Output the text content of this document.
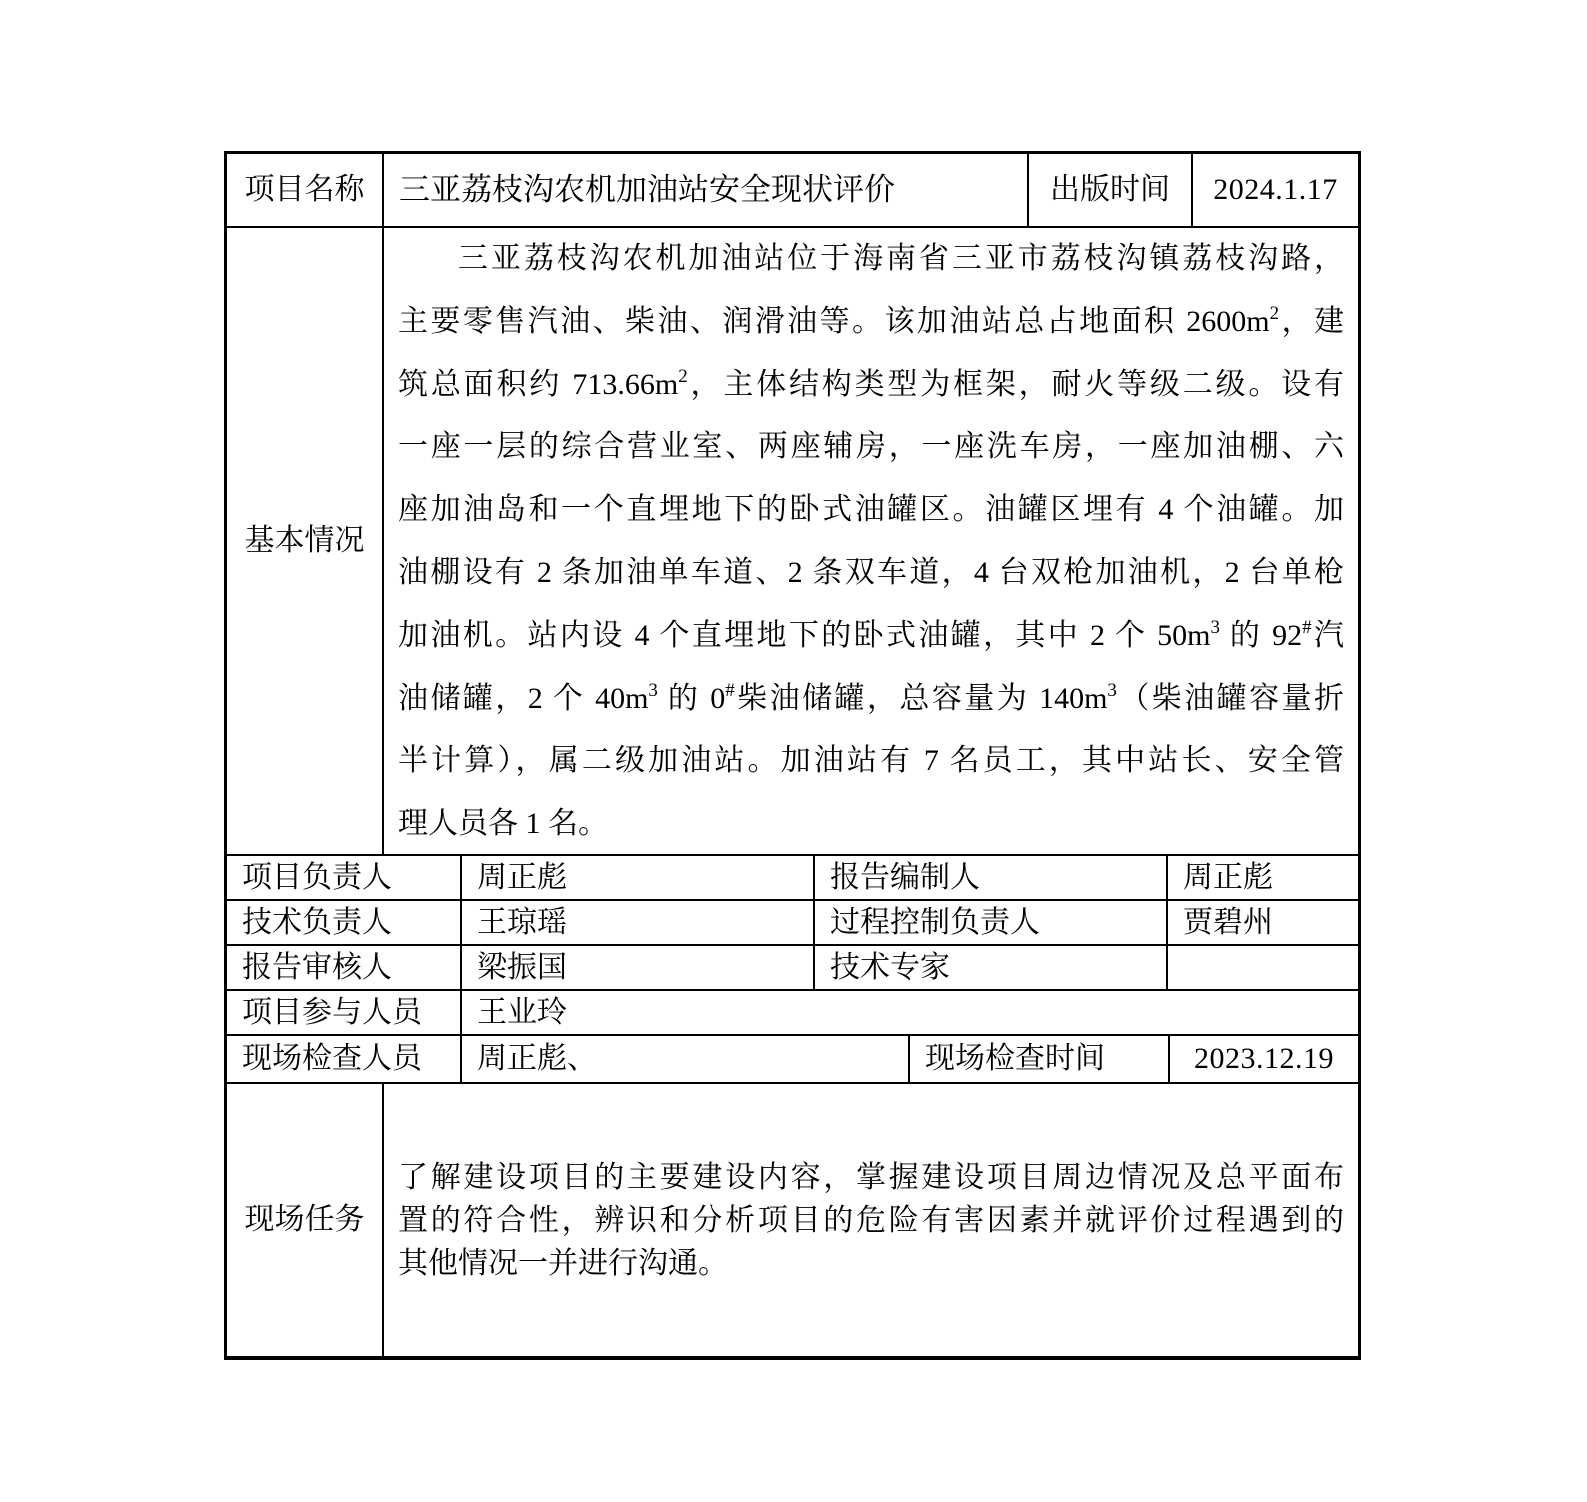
项目名称	三亚荔枝沟农机加油站安全现状评价	出版时间	2024.1.17
基本情况
三亚荔枝沟农机加油站位于海南省三亚市荔枝沟镇荔枝沟路，
主要零售汽油、柴油、润滑油等。该加油站总占地面积 $2600m^2$，建
筑总面积约 $713.66m^2$，主体结构类型为框架，耐火等级二级。设有
一座一层的综合营业室、两座辅房，一座洗车房，一座加油棚、六
座加油岛和一个直埋地下的卧式油罐区。油罐区埋有 4 个油罐。加
油棚设有 2 条加油单车道、2 条双车道，4 台双枪加油机，2 台单枪
加油机。站内设 4 个直埋地下的卧式油罐，其中 2 个 $50m^3$ 的 92#汽
油储罐，2 个 $40m^3$ 的 0#柴油储罐，总容量为 $140m^3$（柴油罐容量折
半计算），属二级加油站。加油站有 7 名员工，其中站长、安全管
理人员各 1 名。
项目负责人	周正彪	报告编制人	周正彪
技术负责人	王琼瑶	过程控制负责人	贾碧州
报告审核人	梁振国	技术专家
项目参与人员	王业玲
现场检查人员	周正彪、	现场检查时间	2023.12.19
现场任务
了解建设项目的主要建设内容，掌握建设项目周边情况及总平面布
置的符合性，辨识和分析项目的危险有害因素并就评价过程遇到的
其他情况一并进行沟通。
